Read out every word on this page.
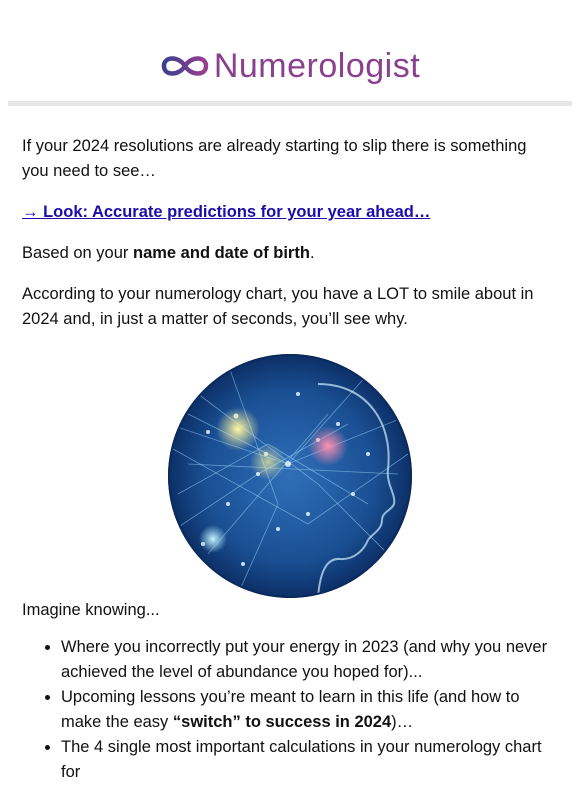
Numerologist

If your 2024 resolutions are already starting to slip there is something you need to see…

→ Look: Accurate predictions for your year ahead…

Based on your name and date of birth.

According to your numerology chart, you have a LOT to smile about in 2024 and, in just a matter of seconds, you’ll see why.

Imagine knowing...

• Where you incorrectly put your energy in 2023 (and why you never achieved the level of abundance you hoped for)...
• Upcoming lessons you’re meant to learn in this life (and how to make the easy “switch” to success in 2024)…
• The 4 single most important calculations in your numerology chart for
